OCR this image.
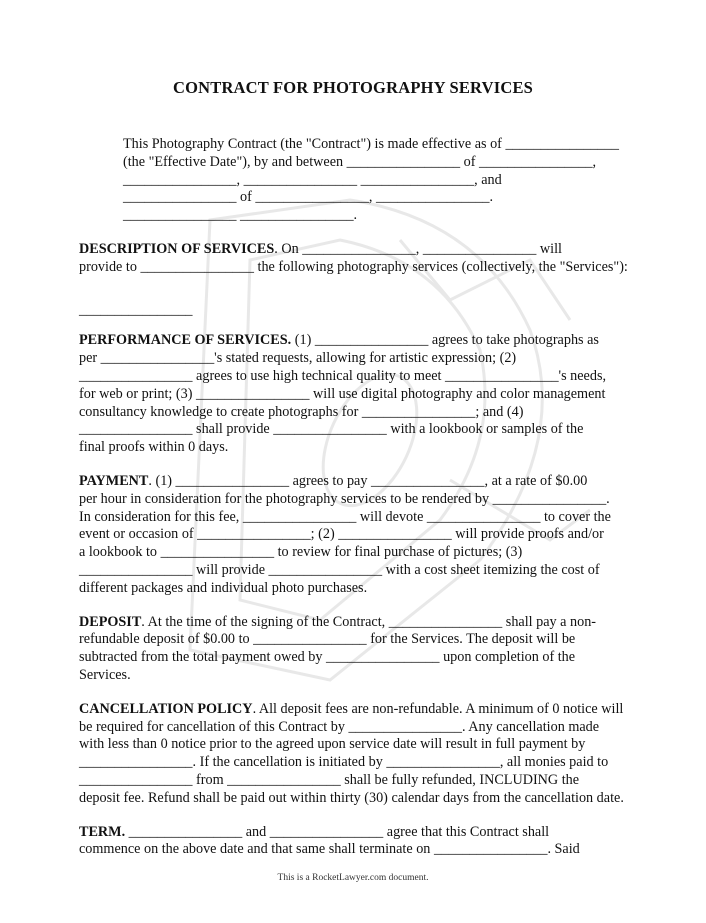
CONTRACT FOR PHOTOGRAPHY SERVICES
This Photography Contract (the "Contract") is made effective as of ________________
(the "Effective Date"), by and between ________________ of ________________,
________________, ________________ ________________, and
________________ of ________________, ________________.
________________ ________________.
DESCRIPTION OF SERVICES. On ________________, ________________ will
provide to ________________ the following photography services (collectively, the "Services"):
________________
PERFORMANCE OF SERVICES. (1) ________________ agrees to take photographs as
per ________________'s stated requests, allowing for artistic expression; (2)
________________ agrees to use high technical quality to meet ________________'s needs,
for web or print; (3) ________________ will use digital photography and color management
consultancy knowledge to create photographs for ________________; and (4)
________________ shall provide ________________ with a lookbook or samples of the
final proofs within 0 days.
PAYMENT. (1) ________________ agrees to pay ________________, at a rate of $0.00
per hour in consideration for the photography services to be rendered by ________________.
In consideration for this fee, ________________ will devote ________________ to cover the
event or occasion of ________________; (2) ________________ will provide proofs and/or
a lookbook to ________________ to review for final purchase of pictures; (3)
________________ will provide ________________ with a cost sheet itemizing the cost of
different packages and individual photo purchases.
DEPOSIT. At the time of the signing of the Contract, ________________ shall pay a non-
refundable deposit of $0.00 to ________________ for the Services. The deposit will be
subtracted from the total payment owed by ________________ upon completion of the
Services.
CANCELLATION POLICY. All deposit fees are non-refundable. A minimum of 0 notice will
be required for cancellation of this Contract by ________________. Any cancellation made
with less than 0 notice prior to the agreed upon service date will result in full payment by
________________. If the cancellation is initiated by ________________, all monies paid to
________________ from ________________ shall be fully refunded, INCLUDING the
deposit fee. Refund shall be paid out within thirty (30) calendar days from the cancellation date.
TERM. ________________ and ________________ agree that this Contract shall
commence on the above date and that same shall terminate on ________________. Said
This is a RocketLawyer.com document.
